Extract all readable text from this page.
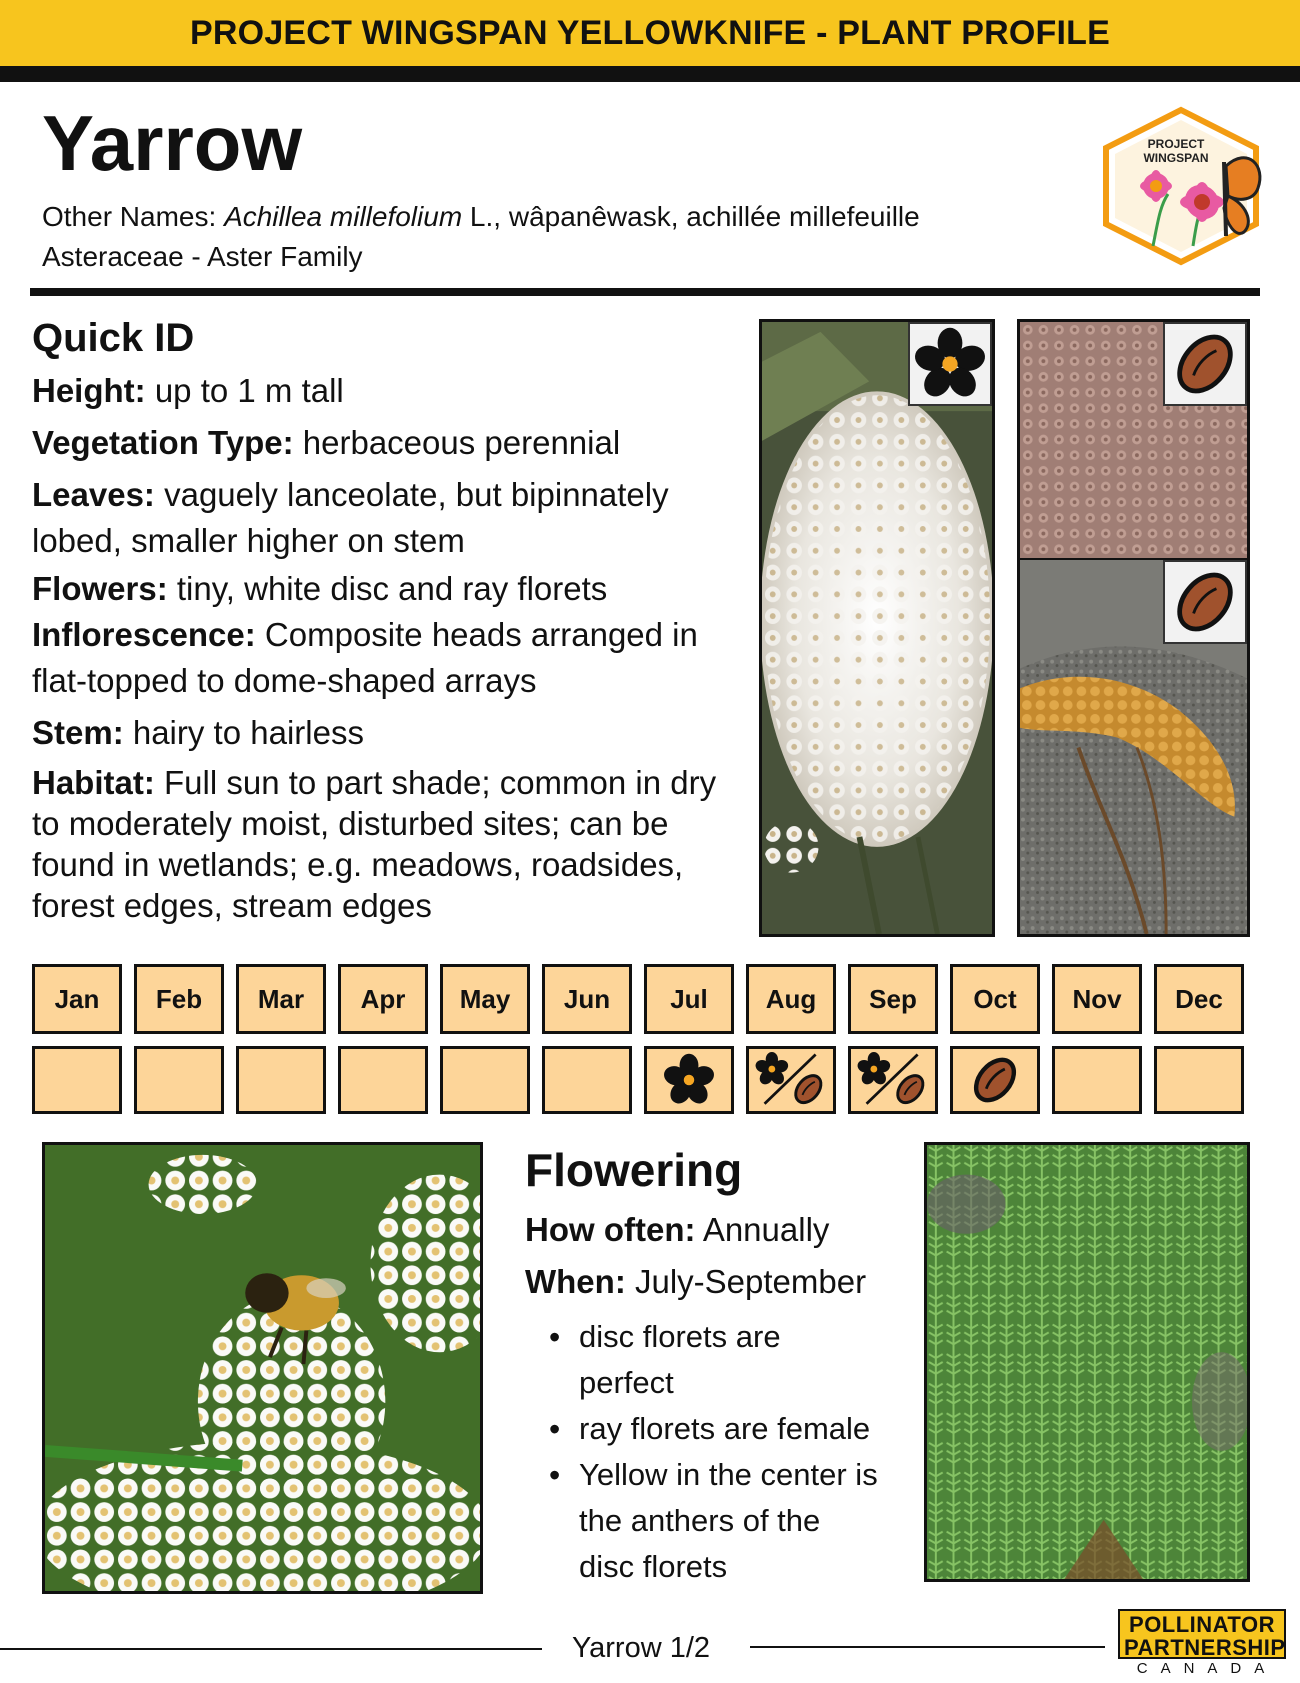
PROJECT WINGSPAN YELLOWKNIFE - PLANT PROFILE
Yarrow
Other Names: Achillea millefolium L., wâpanêwask, achillée millefeuille
Asteraceae - Aster Family
PROJECT
WINGSPAN
Quick ID

Height: up to 1 m tall

Vegetation Type: herbaceous perennial

Leaves: vaguely lanceolate, but bipinnately lobed, smaller higher on stem

Flowers: tiny, white disc and ray florets

Inflorescence: Composite heads arranged in flat-topped to dome-shaped arrays

Stem: hairy to hairless

Habitat: Full sun to part shade; common in dry to moderately moist, disturbed sites; can be found in wetlands; e.g. meadows, roadsides, forest edges, stream edges

Jan	Feb	Mar	Apr	May	Jun	Jul	Aug	Sep	Oct	Nov	Dec
Flowering

How often: Annually

When: July-September

• disc florets are perfect
• ray florets are female
• Yellow in the center is the anthers of the disc florets
Yarrow 1/2
POLLINATOR
PARTNERSHIP
CANADA
